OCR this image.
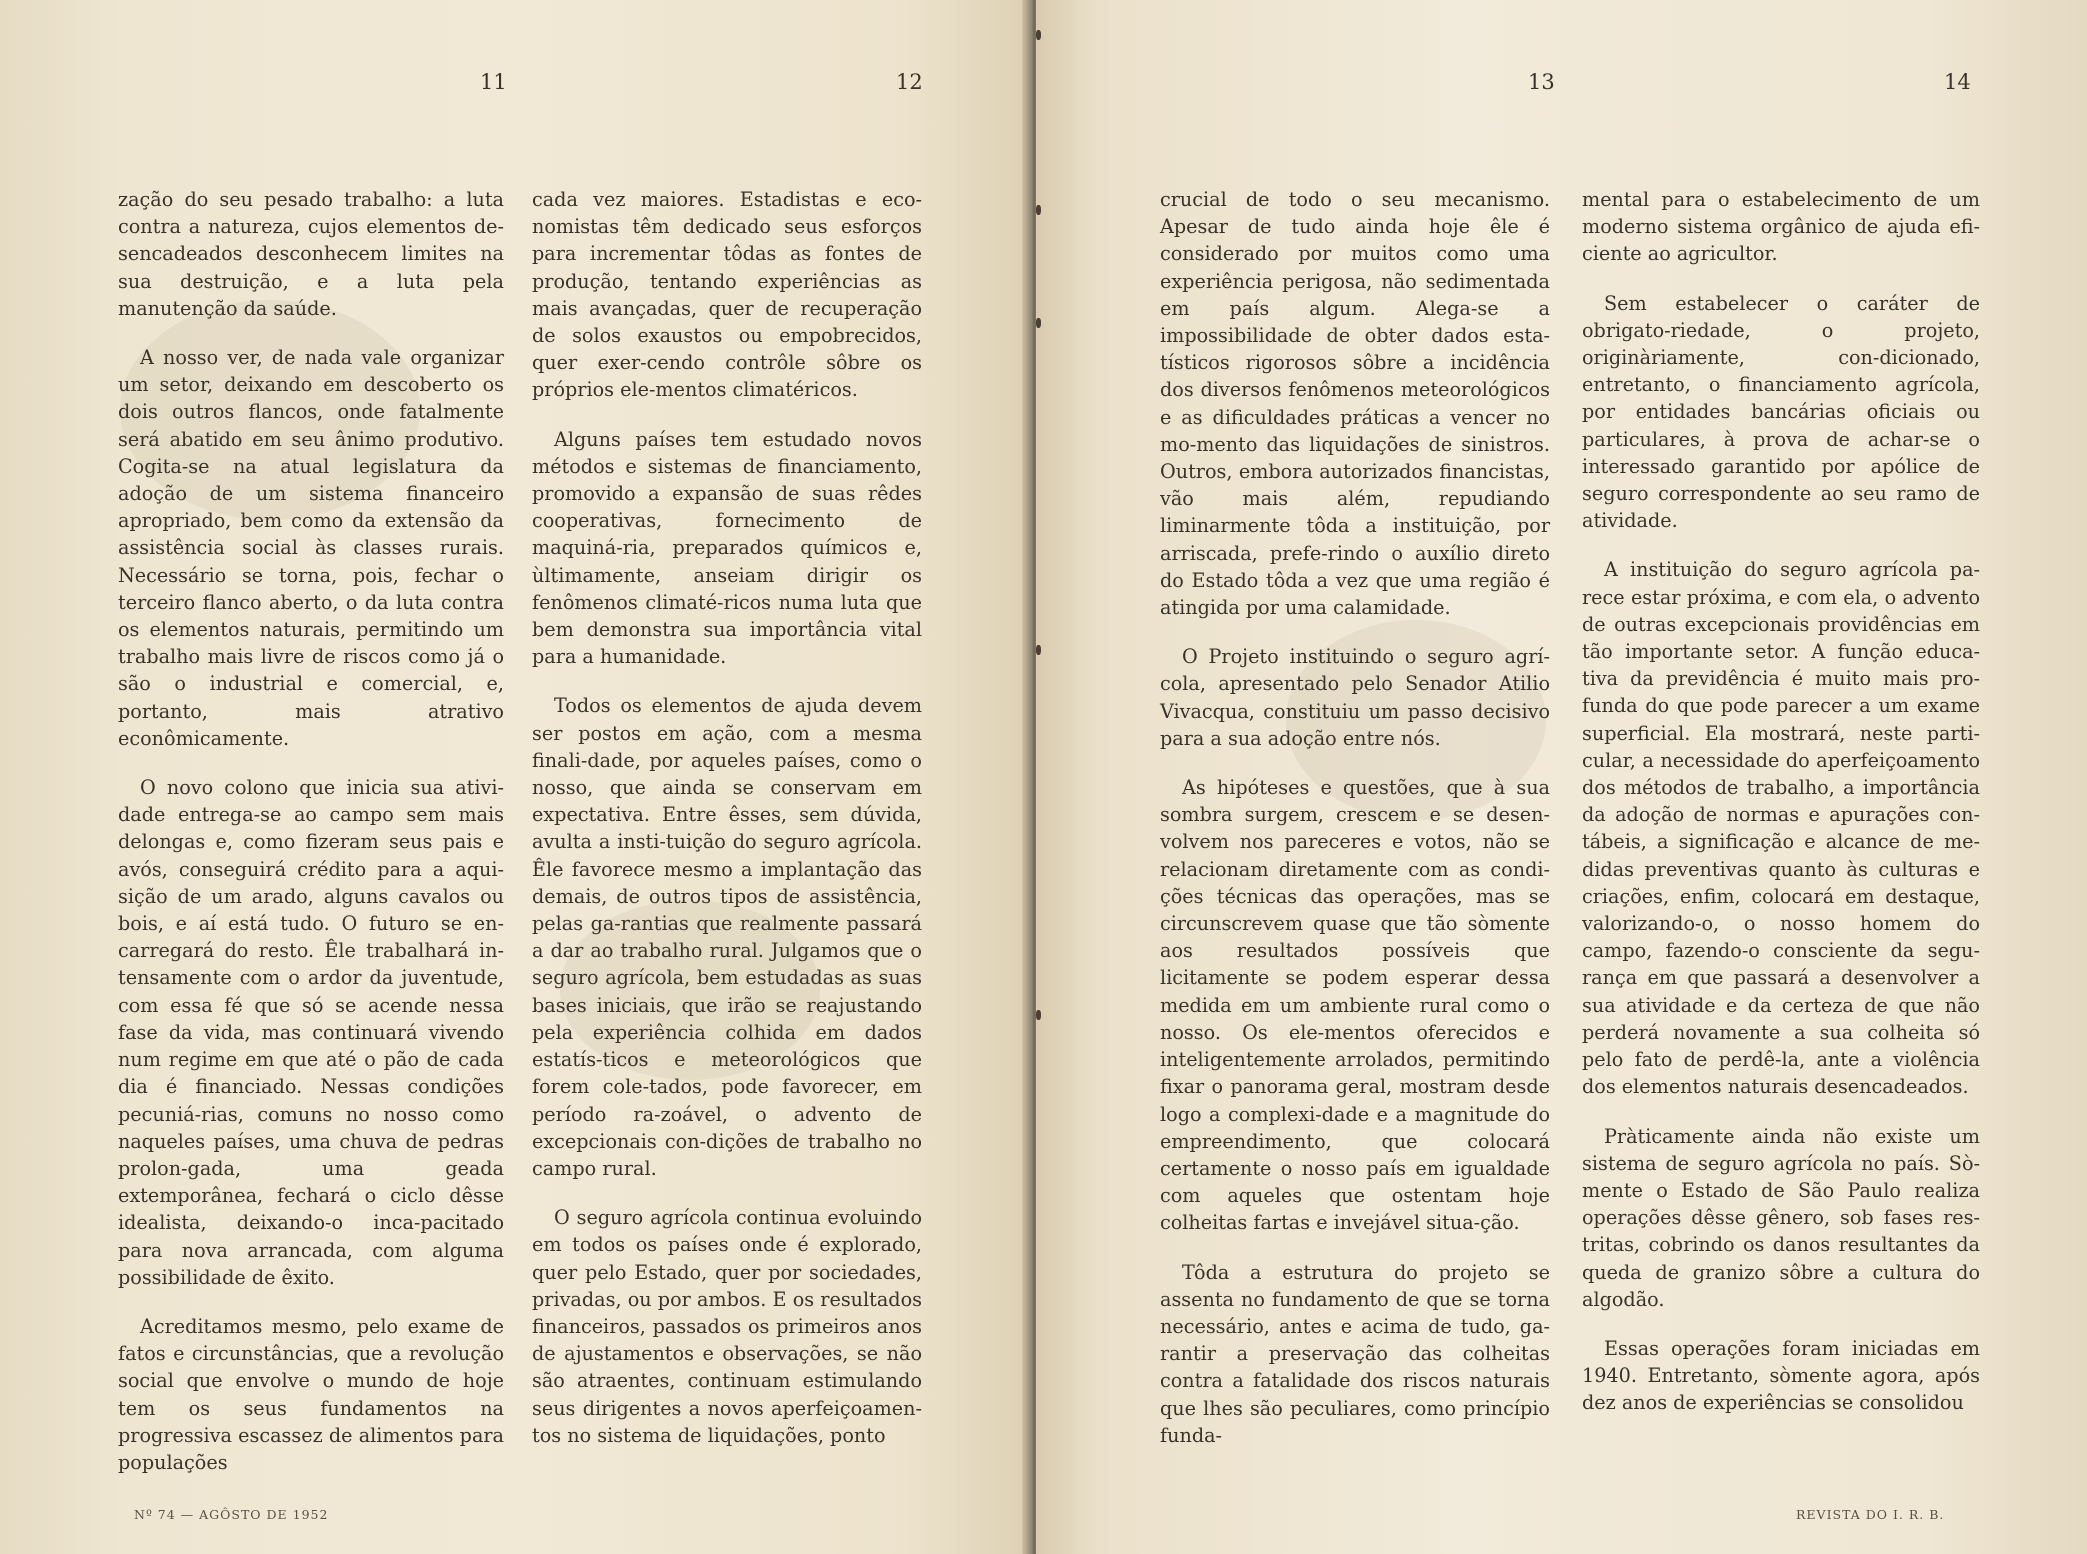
11	12

zação do seu pesado trabalho: a luta contra a natureza, cujos elementos de-sencadeados desconhecem limites na sua destruição, e a luta pela manutenção da saúde.

A nosso ver, de nada vale organizar um setor, deixando em descoberto os dois outros flancos, onde fatalmente será abatido em seu ânimo produtivo. Cogita-se na atual legislatura da adoção de um sistema financeiro apropriado, bem como da extensão da assistência social às classes rurais. Necessário se torna, pois, fechar o terceiro flanco aberto, o da luta contra os elementos naturais, permitindo um trabalho mais livre de riscos como já o são o industrial e comercial, e, portanto, mais atrativo econômicamente.

O novo colono que inicia sua ativi-dade entrega-se ao campo sem mais delongas e, como fizeram seus pais e avós, conseguirá crédito para a aqui-sição de um arado, alguns cavalos ou bois, e aí está tudo. O futuro se en-carregará do resto. Êle trabalhará in-tensamente com o ardor da juventude, com essa fé que só se acende nessa fase da vida, mas continuará vivendo num regime em que até o pão de cada dia é financiado. Nessas condições pecuniá-rias, comuns no nosso como naqueles países, uma chuva de pedras prolon-gada, uma geada extemporânea, fechará o ciclo dêsse idealista, deixando-o inca-pacitado para nova arrancada, com alguma possibilidade de êxito.

Acreditamos mesmo, pelo exame de fatos e circunstâncias, que a revolução social que envolve o mundo de hoje tem os seus fundamentos na progressiva escassez de alimentos para populações

cada vez maiores. Estadistas e eco-nomistas têm dedicado seus esforços para incrementar tôdas as fontes de produção, tentando experiências as mais avançadas, quer de recuperação de solos exaustos ou empobrecidos, quer exer-cendo contrôle sôbre os próprios ele-mentos climatéricos.

Alguns países tem estudado novos métodos e sistemas de financiamento, promovido a expansão de suas rêdes cooperativas, fornecimento de maquiná-ria, preparados químicos e, ùltimamente, anseiam dirigir os fenômenos climaté-ricos numa luta que bem demonstra sua importância vital para a humanidade.

Todos os elementos de ajuda devem ser postos em ação, com a mesma finali-dade, por aqueles países, como o nosso, que ainda se conservam em expectativa. Entre êsses, sem dúvida, avulta a insti-tuição do seguro agrícola. Êle favorece mesmo a implantação das demais, de outros tipos de assistência, pelas ga-rantias que realmente passará a dar ao trabalho rural. Julgamos que o seguro agrícola, bem estudadas as suas bases iniciais, que irão se reajustando pela experiência colhida em dados estatís-ticos e meteorológicos que forem cole-tados, pode favorecer, em período ra-zoável, o advento de excepcionais con-dições de trabalho no campo rural.

O seguro agrícola continua evoluindo em todos os países onde é explorado, quer pelo Estado, quer por sociedades, privadas, ou por ambos. E os resultados financeiros, passados os primeiros anos de ajustamentos e observações, se não são atraentes, continuam estimulando seus dirigentes a novos aperfeiçoamen-tos no sistema de liquidações, ponto

Nº 74 — AGÔSTO DE 1952
13	14

crucial de todo o seu mecanismo. Apesar de tudo ainda hoje êle é considerado por muitos como uma experiência perigosa, não sedimentada em país algum. Alega-se a impossibilidade de obter dados esta-tísticos rigorosos sôbre a incidência dos diversos fenômenos meteorológicos e as dificuldades práticas a vencer no mo-mento das liquidações de sinistros. Outros, embora autorizados financistas, vão mais além, repudiando liminarmente tôda a instituição, por arriscada, prefe-rindo o auxílio direto do Estado tôda a vez que uma região é atingida por uma calamidade.

O Projeto instituindo o seguro agrí-cola, apresentado pelo Senador Atilio Vivacqua, constituiu um passo decisivo para a sua adoção entre nós.

As hipóteses e questões, que à sua sombra surgem, crescem e se desen-volvem nos pareceres e votos, não se relacionam diretamente com as condi-ções técnicas das operações, mas se circunscrevem quase que tão sòmente aos resultados possíveis que licitamente se podem esperar dessa medida em um ambiente rural como o nosso. Os ele-mentos oferecidos e inteligentemente arrolados, permitindo fixar o panorama geral, mostram desde logo a complexi-dade e a magnitude do empreendimento, que colocará certamente o nosso país em igualdade com aqueles que ostentam hoje colheitas fartas e invejável situa-ção.

Tôda a estrutura do projeto se assenta no fundamento de que se torna necessário, antes e acima de tudo, ga-rantir a preservação das colheitas contra a fatalidade dos riscos naturais que lhes são peculiares, como princípio funda-

mental para o estabelecimento de um moderno sistema orgânico de ajuda efi-ciente ao agricultor.

Sem estabelecer o caráter de obrigato-riedade, o projeto, originàriamente, con-dicionado, entretanto, o financiamento agrícola, por entidades bancárias oficiais ou particulares, à prova de achar-se o interessado garantido por apólice de seguro correspondente ao seu ramo de atividade.

A instituição do seguro agrícola pa-rece estar próxima, e com ela, o advento de outras excepcionais providências em tão importante setor. A função educa-tiva da previdência é muito mais pro-funda do que pode parecer a um exame superficial. Ela mostrará, neste parti-cular, a necessidade do aperfeiçoamento dos métodos de trabalho, a importância da adoção de normas e apurações con-tábeis, a significação e alcance de me-didas preventivas quanto às culturas e criações, enfim, colocará em destaque, valorizando-o, o nosso homem do campo, fazendo-o consciente da segu-rança em que passará a desenvolver a sua atividade e da certeza de que não perderá novamente a sua colheita só pelo fato de perdê-la, ante a violência dos elementos naturais desencadeados.

Pràticamente ainda não existe um sistema de seguro agrícola no país. Sò-mente o Estado de São Paulo realiza operações dêsse gênero, sob fases res-tritas, cobrindo os danos resultantes da queda de granizo sôbre a cultura do algodão.

Essas operações foram iniciadas em 1940. Entretanto, sòmente agora, após dez anos de experiências se consolidou

REVISTA DO I. R. B.
